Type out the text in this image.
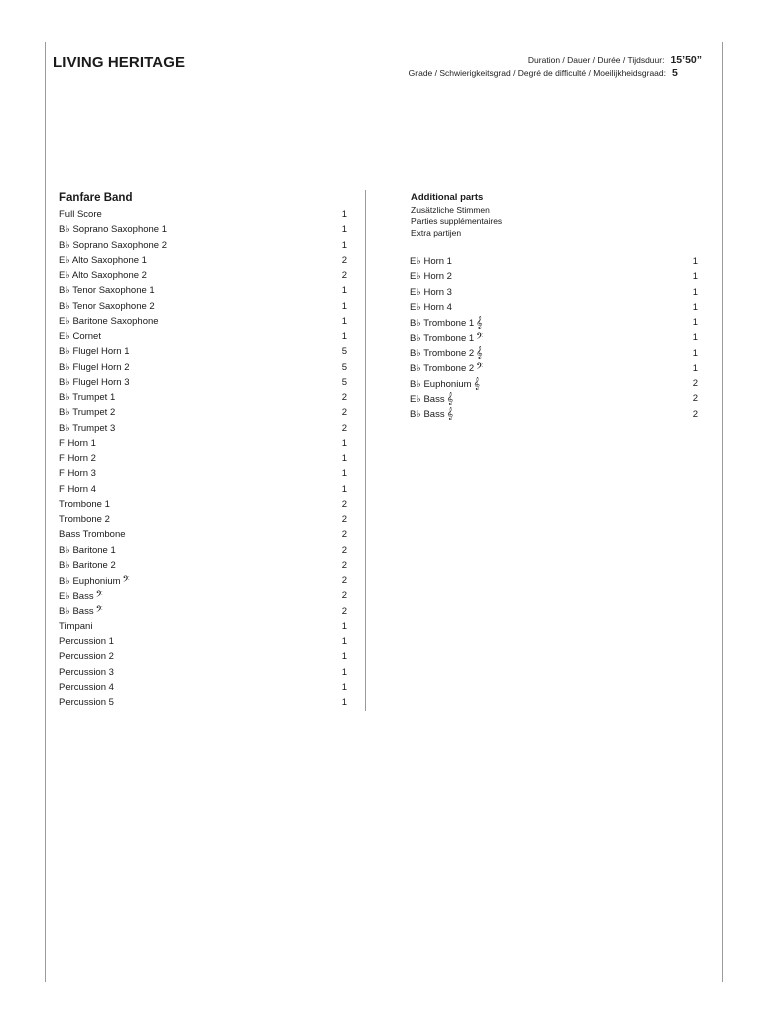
LIVING HERITAGE	Duration / Dauer / Durée / Tijdsduur: 15’50”
Grade / Schwierigkeitsgrad / Degré de difficulté / Moeilijkheidsgraad: 5
Fanfare Band
Full Score	1
B♭ Soprano Saxophone 1	1
B♭ Soprano Saxophone 2	1
E♭ Alto Saxophone 1	2
E♭ Alto Saxophone 2	2
B♭ Tenor Saxophone 1	1
B♭ Tenor Saxophone 2	1
E♭ Baritone Saxophone	1
E♭ Cornet	1
B♭ Flugel Horn 1	5
B♭ Flugel Horn 2	5
B♭ Flugel Horn 3	5
B♭ Trumpet 1	2
B♭ Trumpet 2	2
B♭ Trumpet 3	2
F Horn 1	1
F Horn 2	1
F Horn 3	1
F Horn 4	1
Trombone 1	2
Trombone 2	2
Bass Trombone	2
B♭ Baritone 1	2
B♭ Baritone 2	2
B♭ Euphonium 𝄢	2
E♭ Bass 𝄢	2
B♭ Bass 𝄢	2
Timpani	1
Percussion 1	1
Percussion 2	1
Percussion 3	1
Percussion 4	1
Percussion 5	1
Additional parts
Zusätzliche Stimmen
Parties supplémentaires
Extra partijen
E♭ Horn 1	1
E♭ Horn 2	1
E♭ Horn 3	1
E♭ Horn 4	1
B♭ Trombone 1 𝄞	1
B♭ Trombone 1 𝄢	1
B♭ Trombone 2 𝄞	1
B♭ Trombone 2 𝄢	1
B♭ Euphonium 𝄞	2
E♭ Bass 𝄞	2
B♭ Bass 𝄞	2
